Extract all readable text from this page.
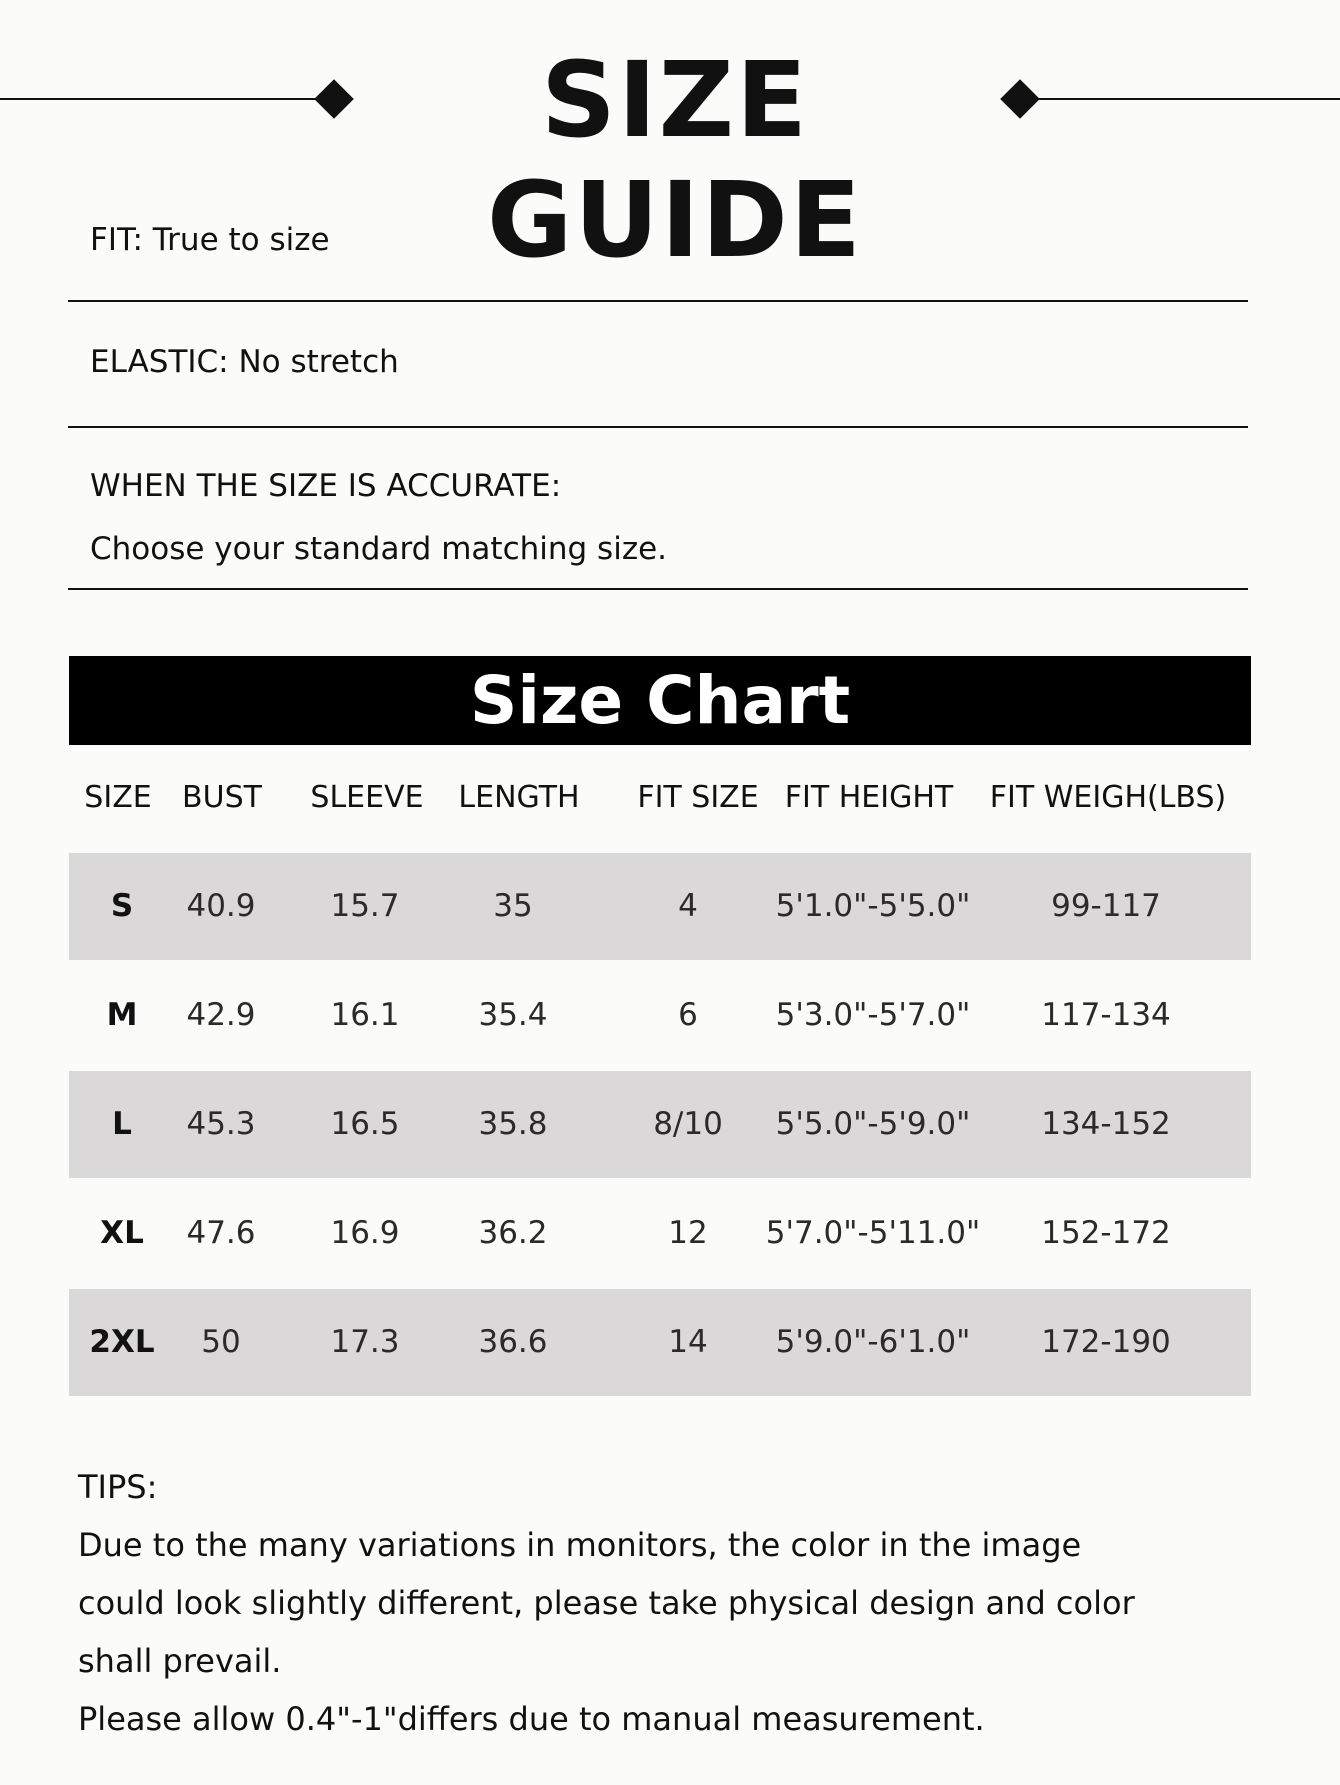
SIZE GUIDE
FIT: True to size
ELASTIC: No stretch
WHEN THE SIZE IS ACCURATE:
Choose your standard matching size.
Size Chart
SIZE BUST SLEEVE LENGTH FIT SIZE FIT HEIGHT FIT WEIGH(LBS)
S 40.9 15.7	35	4	5'1.0"-5'5.0"	99-117
M 42.9 16.1	35.4	6	5'3.0"-5'7.0" 117-134
L 45.3 16.5	35.8	8/10 5'5.0"-5'9.0" 134-152
XL 47.6 16.9	36.2	12 5'7.0"-5'11.0" 152-172
2XL 50	17.3	36.6	14 5'9.0"-6'1.0" 172-190
TIPS:
Due to the many variations in monitors, the color in the image
could look slightly different, please take physical design and color
shall prevail.
Please allow 0.4"-1"differs due to manual measurement.
